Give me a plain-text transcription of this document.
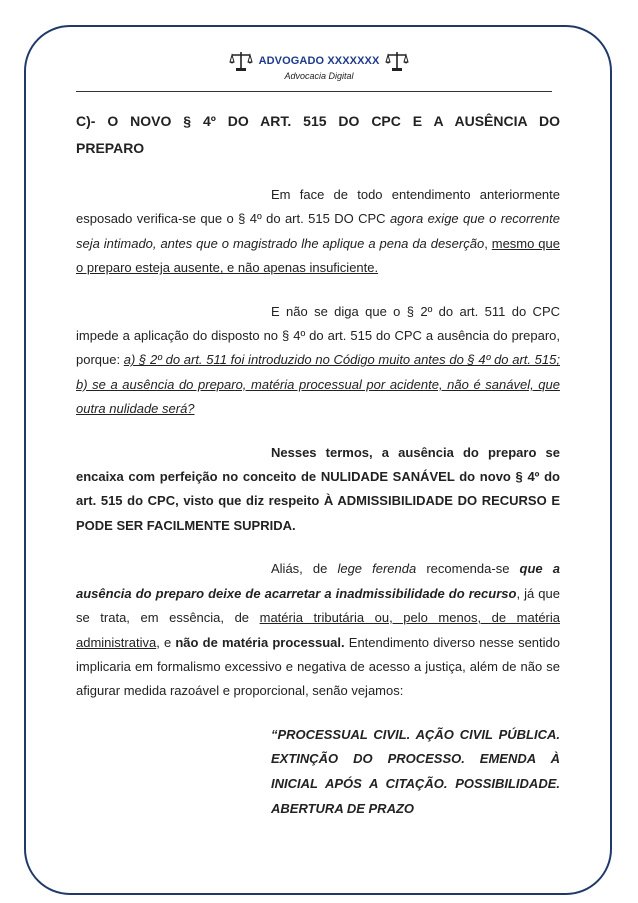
ADVOGADO XXXXXXX
Advocacia Digital

C)- O NOVO § 4º DO ART. 515 DO CPC E A AUSÊNCIA DO PREPARO

Em face de todo entendimento anteriormente esposado verifica-se que o § 4º do art. 515 DO CPC agora exige que o recorrente seja intimado, antes que o magistrado lhe aplique a pena da deserção, mesmo que o preparo esteja ausente, e não apenas insuficiente.

E não se diga que o § 2º do art. 511 do CPC impede a aplicação do disposto no § 4º do art. 515 do CPC a ausência do preparo, porque: a) § 2º do art. 511 foi introduzido no Código muito antes do § 4º do art. 515; b) se a ausência do preparo, matéria processual por acidente, não é sanável, que outra nulidade será?

Nesses termos, a ausência do preparo se encaixa com perfeição no conceito de NULIDADE SANÁVEL do novo § 4º do art. 515 do CPC, visto que diz respeito À ADMISSIBILIDADE DO RECURSO E PODE SER FACILMENTE SUPRIDA.

Aliás, de lege ferenda recomenda-se que a ausência do preparo deixe de acarretar a inadmissibilidade do recurso, já que se trata, em essência, de matéria tributária ou, pelo menos, de matéria administrativa, e não de matéria processual. Entendimento diverso nesse sentido implicaria em formalismo excessivo e negativa de acesso a justiça, além de não se afigurar medida razoável e proporcional, senão vejamos:

“PROCESSUAL CIVIL. AÇÃO CIVIL PÚBLICA. EXTINÇÃO DO PROCESSO. EMENDA À INICIAL APÓS A CITAÇÃO. POSSIBILIDADE. ABERTURA DE PRAZO
